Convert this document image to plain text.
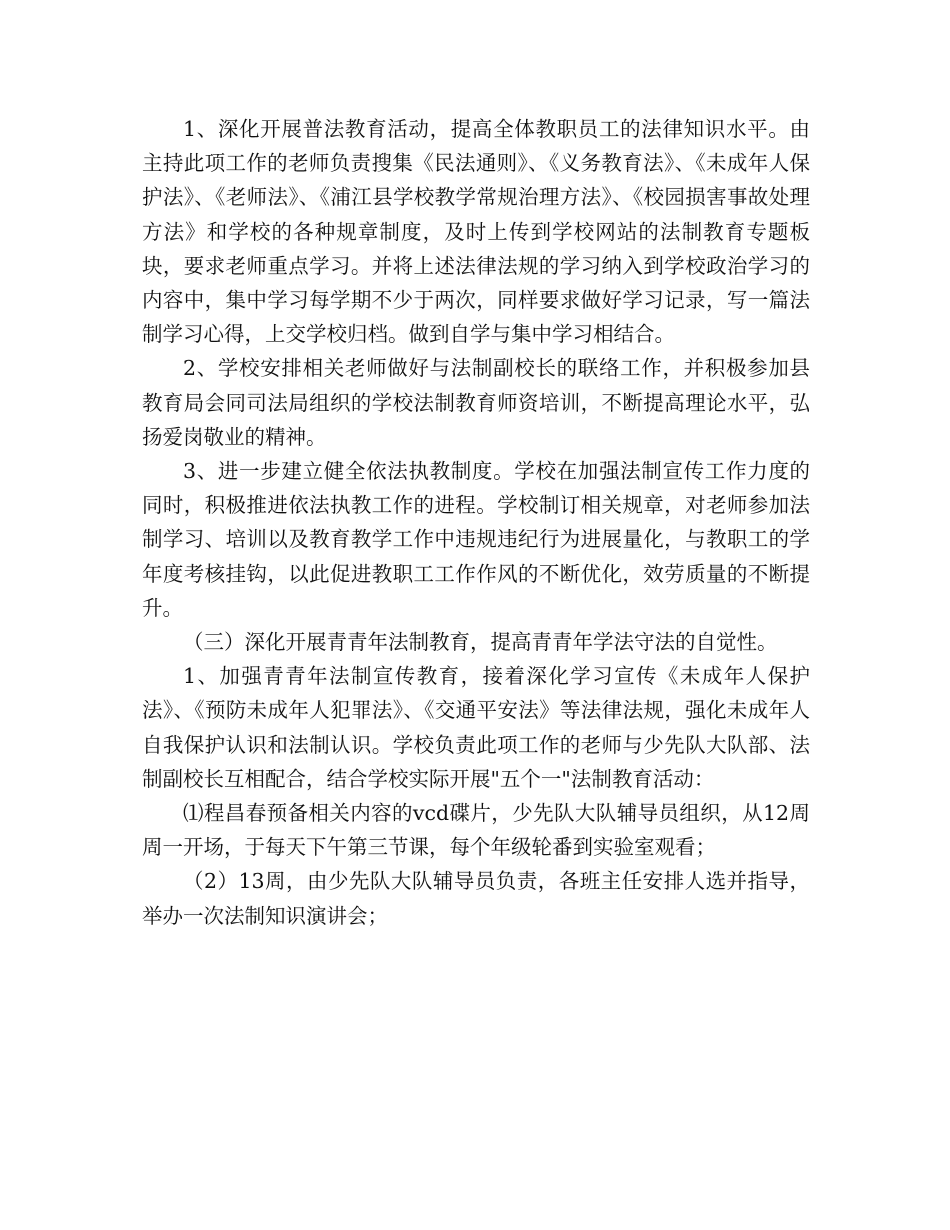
1、深化开展普法教育活动，提高全体教职员工的法律知识水平。由主持此项工作的老师负责搜集《民法通则》、《义务教育法》、《未成年人保护法》、《老师法》、《浦江县学校教学常规治理方法》、《校园损害事故处理方法》和学校的各种规章制度，及时上传到学校网站的法制教育专题板块，要求老师重点学习。并将上述法律法规的学习纳入到学校政治学习的内容中，集中学习每学期不少于两次，同样要求做好学习记录，写一篇法制学习心得，上交学校归档。做到自学与集中学习相结合。

2、学校安排相关老师做好与法制副校长的联络工作，并积极参加县教育局会同司法局组织的学校法制教育师资培训，不断提高理论水平，弘扬爱岗敬业的精神。

3、进一步建立健全依法执教制度。学校在加强法制宣传工作力度的同时，积极推进依法执教工作的进程。学校制订相关规章，对老师参加法制学习、培训以及教育教学工作中违规违纪行为进展量化，与教职工的学年度考核挂钩，以此促进教职工工作作风的不断优化，效劳质量的不断提升。

（三）深化开展青青年法制教育，提高青青年学法守法的自觉性。

1、加强青青年法制宣传教育，接着深化学习宣传《未成年人保护法》、《预防未成年人犯罪法》、《交通平安法》等法律法规，强化未成年人自我保护认识和法制认识。学校负责此项工作的老师与少先队大队部、法制副校长互相配合，结合学校实际开展"五个一"法制教育活动：

⑴程昌春预备相关内容的vcd碟片，少先队大队辅导员组织，从12周周一开场，于每天下午第三节课，每个年级轮番到实验室观看；

（2）13周，由少先队大队辅导员负责，各班主任安排人选并指导，举办一次法制知识演讲会；
